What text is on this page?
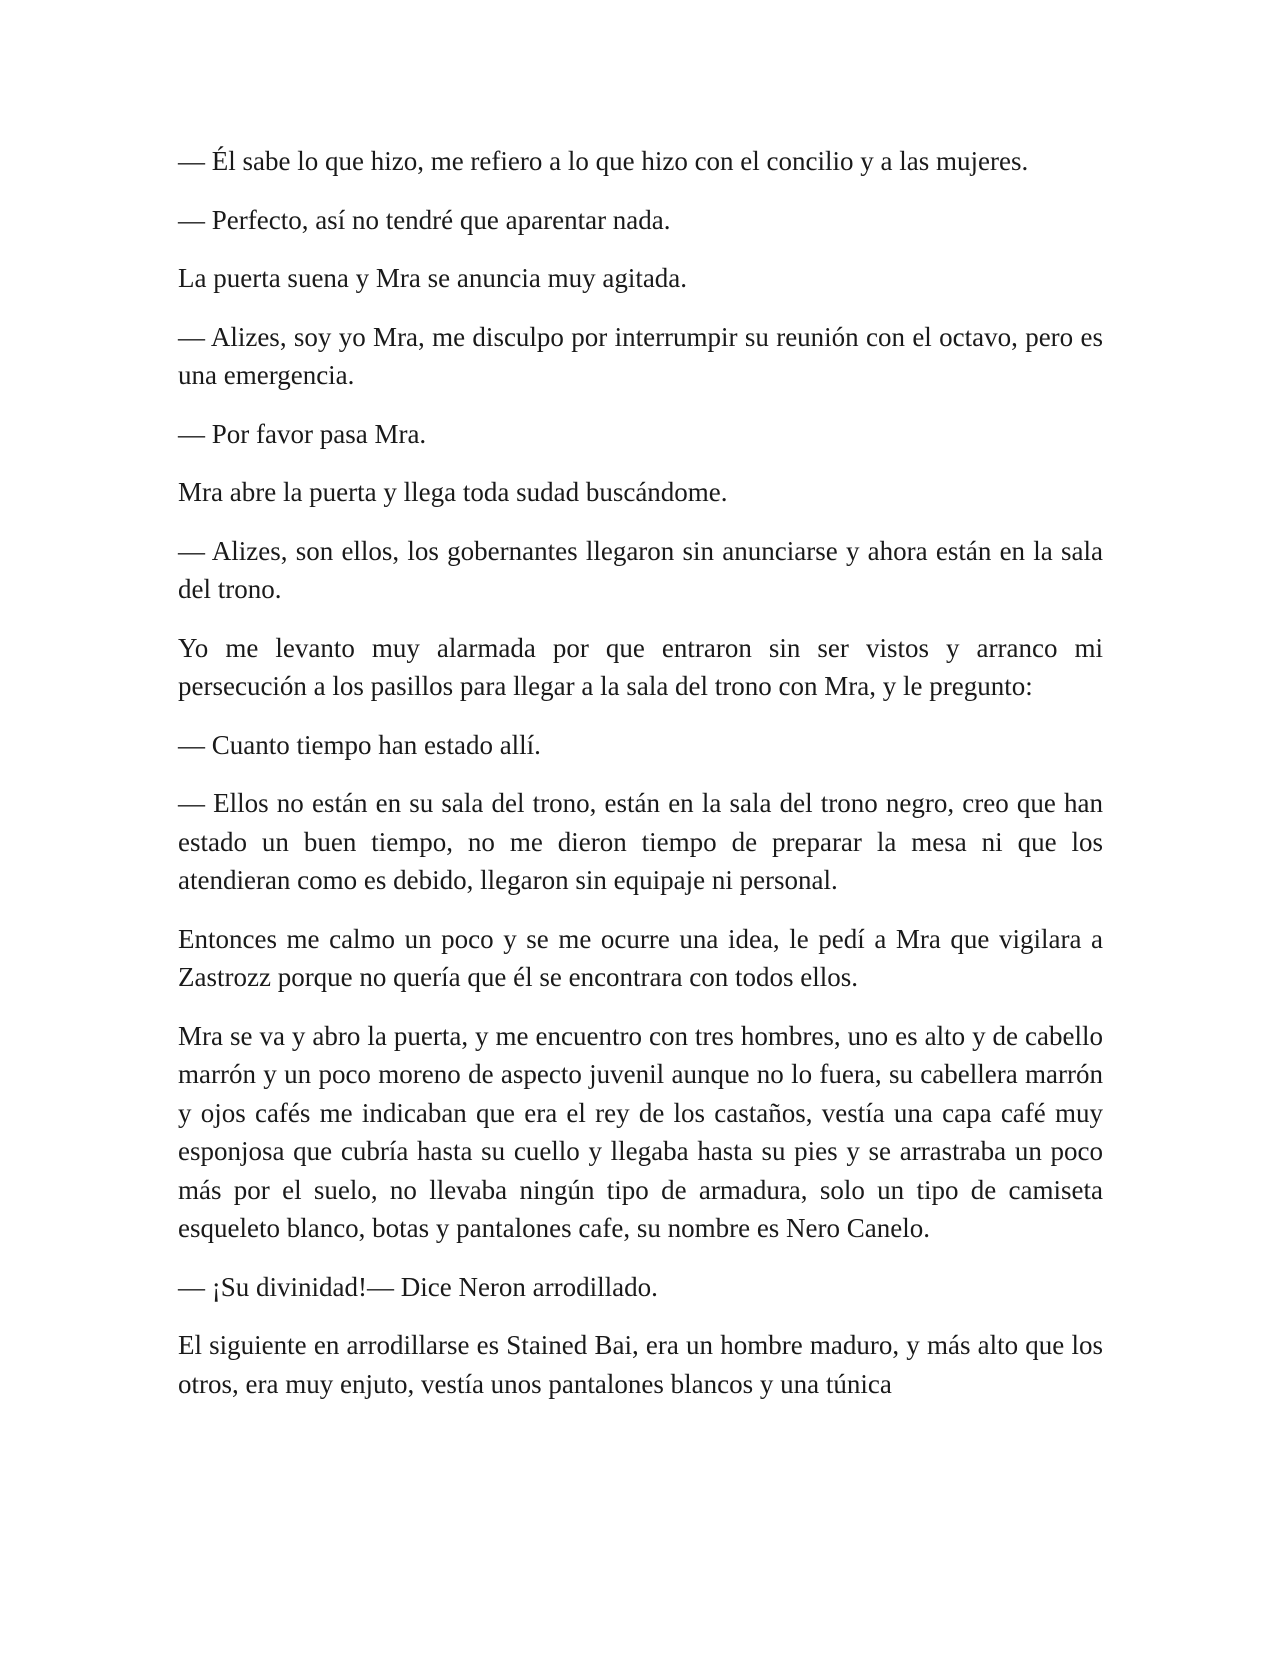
— Él sabe lo que hizo, me refiero a lo que hizo con el concilio y a las mujeres.

— Perfecto, así no tendré que aparentar nada.

La puerta suena y Mra se anuncia muy agitada.

— Alizes, soy yo Mra, me disculpo por interrumpir su reunión con el octavo, pero es una emergencia.

— Por favor pasa Mra.

Mra abre la puerta y llega toda sudad buscándome.

— Alizes, son ellos, los gobernantes llegaron sin anunciarse y ahora están en la sala del trono.

Yo me levanto muy alarmada por que entraron sin ser vistos y arranco mi persecución a los pasillos para llegar a la sala del trono con Mra, y le pregunto:

— Cuanto tiempo han estado allí.

— Ellos no están en su sala del trono, están en la sala del trono negro, creo que han estado un buen tiempo, no me dieron tiempo de preparar la mesa ni que los atendieran como es debido, llegaron sin equipaje ni personal.

Entonces me calmo un poco y se me ocurre una idea, le pedí a Mra que vigilara a Zastrozz porque no quería que él se encontrara con todos ellos.

Mra se va y abro la puerta, y me encuentro con tres hombres, uno es alto y de cabello marrón y un poco moreno de aspecto juvenil aunque no lo fuera, su cabellera marrón y ojos cafés me indicaban que era el rey de los castaños, vestía una capa café muy esponjosa que cubría hasta su cuello y llegaba hasta su pies y se arrastraba un poco más por el suelo, no llevaba ningún tipo de armadura, solo un tipo de camiseta esqueleto blanco, botas y pantalones cafe, su nombre es Nero Canelo.

— ¡Su divinidad!— Dice Neron arrodillado.

El siguiente en arrodillarse es Stained Bai, era un hombre maduro, y más alto que los otros, era muy enjuto, vestía unos pantalones blancos y una túnica
